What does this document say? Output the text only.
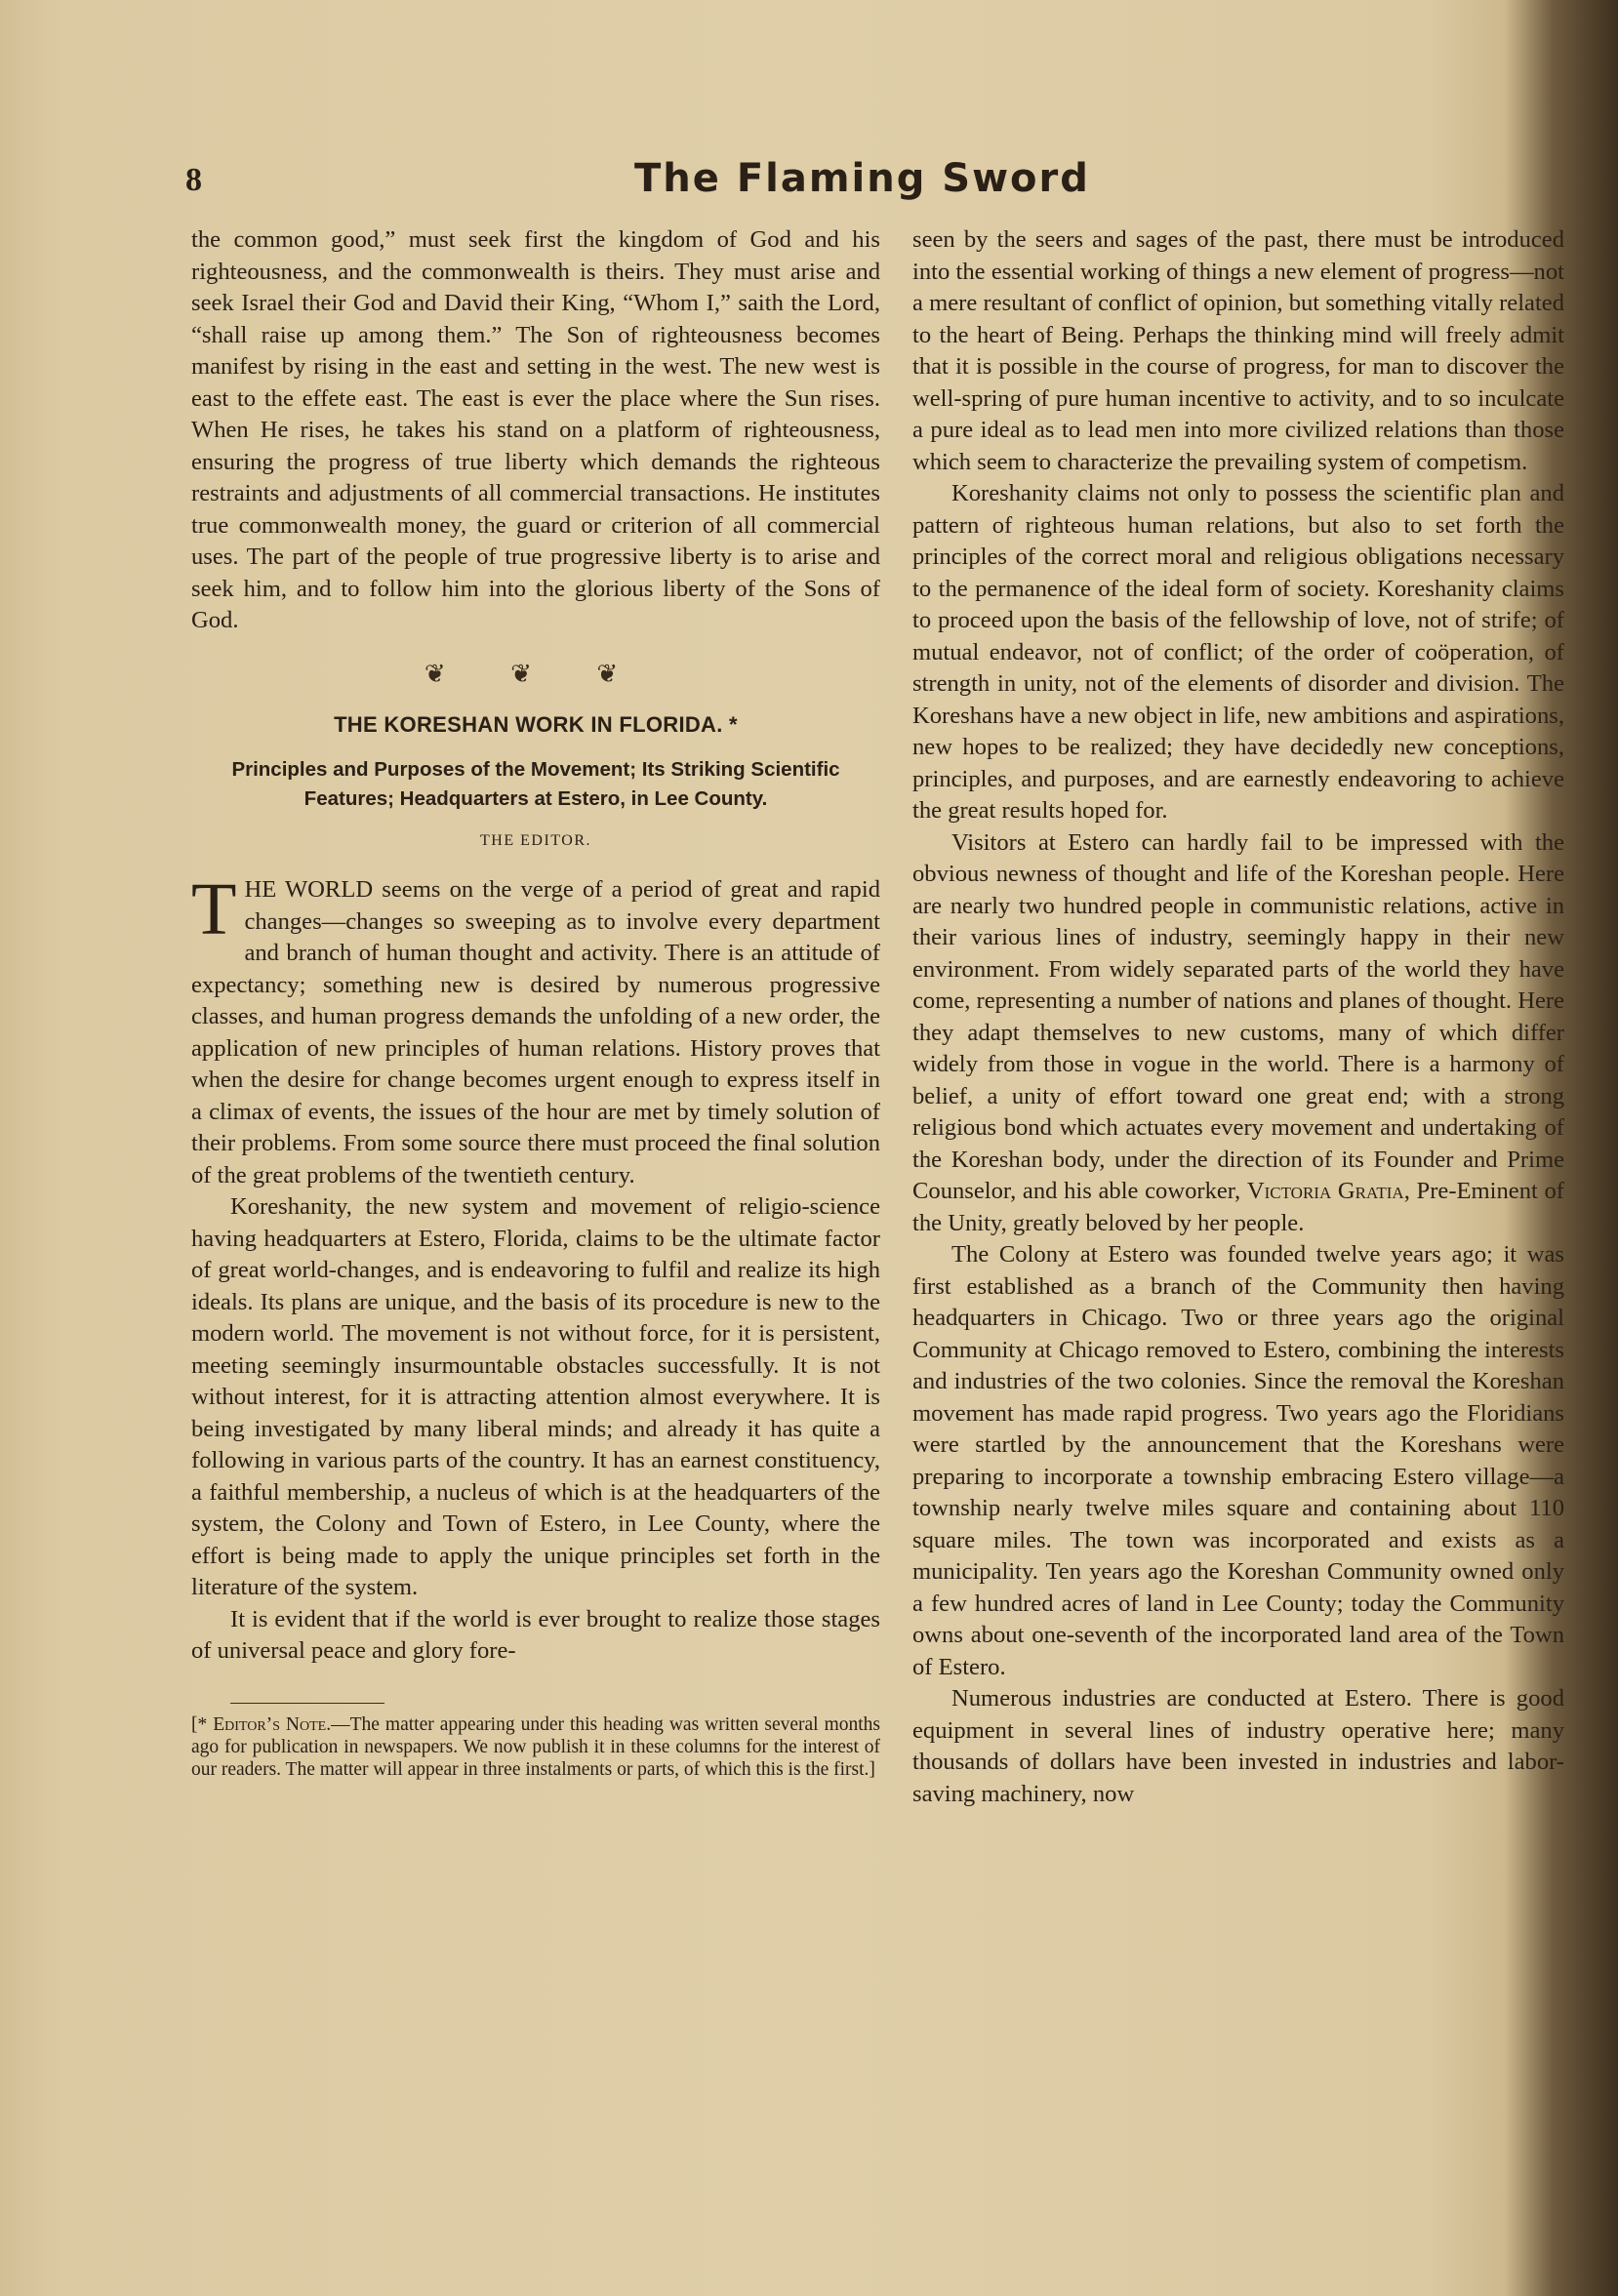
8	The Flaming Sword

the common good,” must seek first the kingdom of God and his righteousness, and the commonwealth is theirs. They must arise and seek Israel their God and David their King, “Whom I,” saith the Lord, “shall raise up among them.” The Son of righteousness becomes manifest by rising in the east and setting in the west. The new west is east to the effete east. The east is ever the place where the Sun rises. When He rises, he takes his stand on a platform of righteousness, ensuring the progress of true liberty which demands the righteous restraints and adjustments of all commercial transactions. He institutes true commonwealth money, the guard or criterion of all commercial uses. The part of the people of true progressive liberty is to arise and seek him, and to follow him into the glorious liberty of the Sons of God.

❦ ❦ ❦
THE KORESHAN WORK IN FLORIDA. *
Principles and Purposes of the Movement; Its Striking Scientific Features; Headquarters at Estero, in Lee County.
THE EDITOR.

THE WORLD seems on the verge of a period of great and rapid changes—changes so sweeping as to involve every department and branch of human thought and activity. There is an attitude of expectancy; something new is desired by numerous progressive classes, and human progress demands the unfolding of a new order, the application of new principles of human relations. History proves that when the desire for change becomes urgent enough to express itself in a climax of events, the issues of the hour are met by timely solution of their problems. From some source there must proceed the final solution of the great problems of the twentieth century.

Koreshanity, the new system and movement of religio-science having headquarters at Estero, Florida, claims to be the ultimate factor of great world-changes, and is endeavoring to fulfil and realize its high ideals. Its plans are unique, and the basis of its procedure is new to the modern world. The movement is not without force, for it is persistent, meeting seemingly insurmountable obstacles successfully. It is not without interest, for it is attracting attention almost everywhere. It is being investigated by many liberal minds; and already it has quite a following in various parts of the country. It has an earnest constituency, a faithful membership, a nucleus of which is at the headquarters of the system, the Colony and Town of Estero, in Lee County, where the effort is being made to apply the unique principles set forth in the literature of the system.

It is evident that if the world is ever brought to realize those stages of universal peace and glory fore-

[* Editor’s Note.—The matter appearing under this heading was written several months ago for publication in newspapers. We now publish it in these columns for the interest of our readers. The matter will appear in three instalments or parts, of which this is the first.]

seen by the seers and sages of the past, there must be introduced into the essential working of things a new element of progress—not a mere resultant of conflict of opinion, but something vitally related to the heart of Being. Perhaps the thinking mind will freely admit that it is possible in the course of progress, for man to discover the well-spring of pure human incentive to activity, and to so inculcate a pure ideal as to lead men into more civilized relations than those which seem to characterize the prevailing system of competism.

Koreshanity claims not only to possess the scientific plan and pattern of righteous human relations, but also to set forth the principles of the correct moral and religious obligations necessary to the permanence of the ideal form of society. Koreshanity claims to proceed upon the basis of the fellowship of love, not of strife; of mutual endeavor, not of conflict; of the order of coöperation, of strength in unity, not of the elements of disorder and division. The Koreshans have a new object in life, new ambitions and aspirations, new hopes to be realized; they have decidedly new conceptions, principles, and purposes, and are earnestly endeavoring to achieve the great results hoped for.

Visitors at Estero can hardly fail to be impressed with the obvious newness of thought and life of the Koreshan people. Here are nearly two hundred people in communistic relations, active in their various lines of industry, seemingly happy in their new environment. From widely separated parts of the world they have come, representing a number of nations and planes of thought. Here they adapt themselves to new customs, many of which differ widely from those in vogue in the world. There is a harmony of belief, a unity of effort toward one great end; with a strong religious bond which actuates every movement and undertaking of the Koreshan body, under the direction of its Founder and Prime Counselor, and his able coworker, Victoria Gratia, Pre-Eminent of the Unity, greatly beloved by her people.

The Colony at Estero was founded twelve years ago; it was first established as a branch of the Community then having headquarters in Chicago. Two or three years ago the original Community at Chicago removed to Estero, combining the interests and industries of the two colonies. Since the removal the Koreshan movement has made rapid progress. Two years ago the Floridians were startled by the announcement that the Koreshans were preparing to incorporate a township embracing Estero village—a township nearly twelve miles square and containing about 110 square miles. The town was incorporated and exists as a municipality. Ten years ago the Koreshan Community owned only a few hundred acres of land in Lee County; today the Community owns about one-seventh of the incorporated land area of the Town of Estero.

Numerous industries are conducted at Estero. There is good equipment in several lines of industry operative here; many thousands of dollars have been invested in industries and labor-saving machinery, now
